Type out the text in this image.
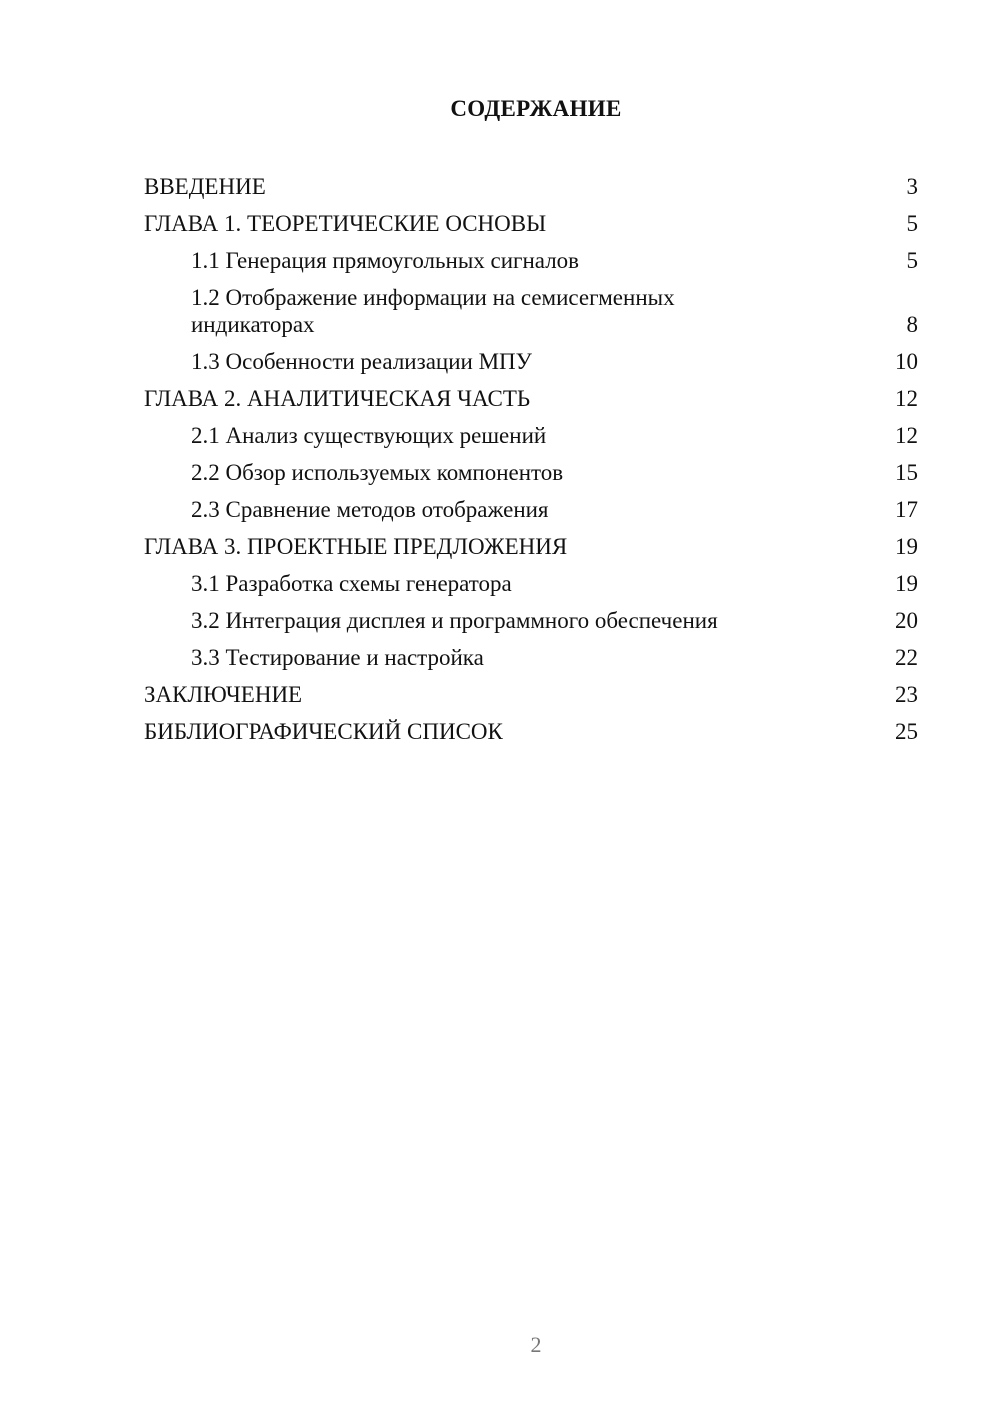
СОДЕРЖАНИЕ
ВВЕДЕНИЕ	3
ГЛАВА 1. ТЕОРЕТИЧЕСКИЕ ОСНОВЫ	5
1.1 Генерация прямоугольных сигналов	5
1.2 Отображение информации на семисегменных индикаторах	8
1.3 Особенности реализации МПУ	10
ГЛАВА 2. АНАЛИТИЧЕСКАЯ ЧАСТЬ	12
2.1 Анализ существующих решений	12
2.2 Обзор используемых компонентов	15
2.3 Сравнение методов отображения	17
ГЛАВА 3. ПРОЕКТНЫЕ ПРЕДЛОЖЕНИЯ	19
3.1 Разработка схемы генератора	19
3.2 Интеграция дисплея и программного обеспечения	20
3.3 Тестирование и настройка	22
ЗАКЛЮЧЕНИЕ	23
БИБЛИОГРАФИЧЕСКИЙ СПИСОК	25
2
